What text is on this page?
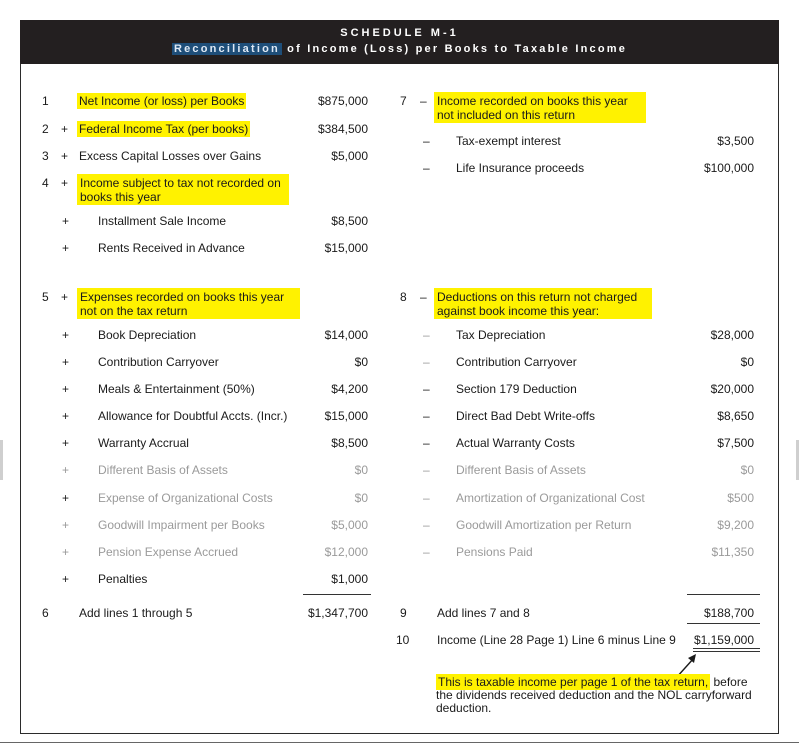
SCHEDULE M-1
Reconciliation of Income (Loss) per Books to Taxable Income
1	Net Income (or loss) per Books	$875,000
2 + Federal Income Tax (per books)	$384,500
3 + Excess Capital Losses over Gains	$5,000
4 + Income subject to tax not recorded on books this year
+ Installment Sale Income	$8,500
+ Rents Received in Advance	$15,000
5 + Expenses recorded on books this year not on the tax return
+ Book Depreciation	$14,000
+ Contribution Carryover	$0
+ Meals & Entertainment (50%)	$4,200
+ Allowance for Doubtful Accts. (Incr.)	$15,000
+ Warranty Accrual	$8,500
+ Different Basis of Assets	$0
+ Expense of Organizational Costs	$0
+ Goodwill Impairment per Books	$5,000
+ Pension Expense Accrued	$12,000
+ Penalties	$1,000
6	Add lines 1 through 5	$1,347,700
7 – Income recorded on books this year not included on this return
– Tax-exempt interest	$3,500
– Life Insurance proceeds	$100,000
8 – Deductions on this return not charged against book income this year:
– Tax Depreciation	$28,000
– Contribution Carryover	$0
– Section 179 Deduction	$20,000
– Direct Bad Debt Write-offs	$8,650
– Actual Warranty Costs	$7,500
– Different Basis of Assets	$0
– Amortization of Organizational Cost	$500
– Goodwill Amortization per Return	$9,200
– Pensions Paid	$11,350
9	Add lines 7 and 8	$188,700
10 Income (Line 28 Page 1) Line 6 minus Line 9	$1,159,000
This is taxable income per page 1 of the tax return, before the dividends received deduction and the NOL carryforward deduction.
